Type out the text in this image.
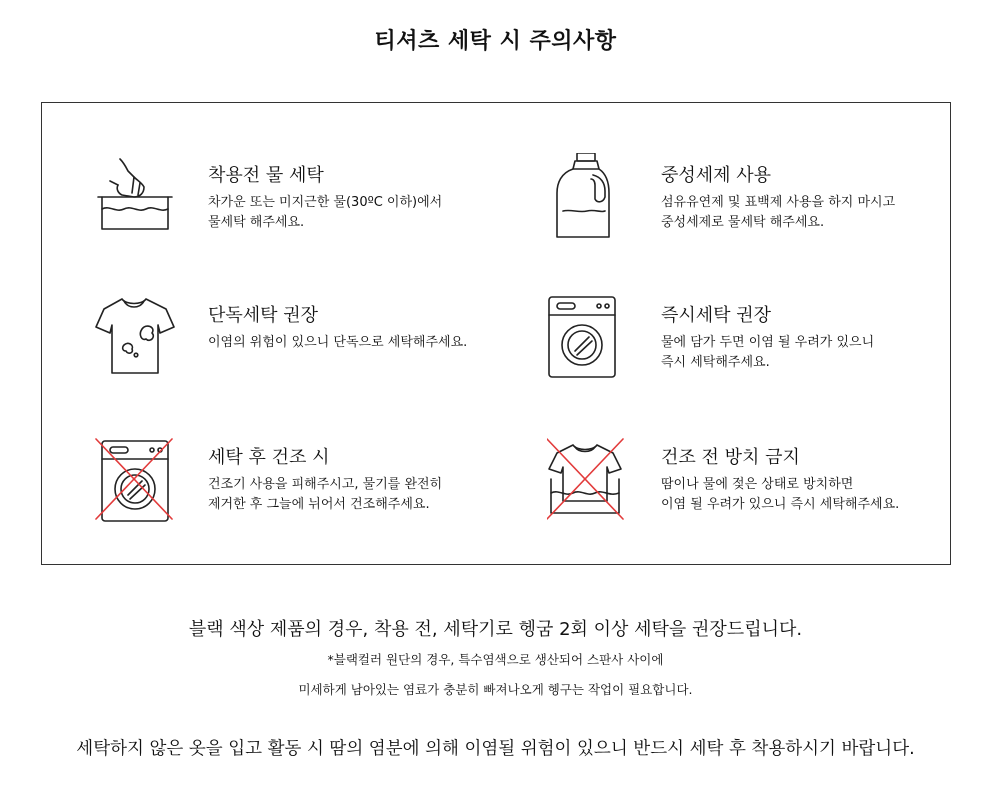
티셔츠 세탁 시 주의사항
착용전 물 세탁
차가운 또는 미지근한 물(30ºC 이하)에서
물세탁 해주세요.
중성세제 사용
섬유유연제 및 표백제 사용을 하지 마시고
중성세제로 물세탁 해주세요.
단독세탁 권장
이염의 위험이 있으니 단독으로 세탁해주세요.
즉시세탁 권장
물에 담가 두면 이염 될 우려가 있으니
즉시 세탁해주세요.
세탁 후 건조 시
건조기 사용을 피해주시고, 물기를 완전히
제거한 후 그늘에 뉘어서 건조해주세요.
건조 전 방치 금지
땀이나 물에 젖은 상태로 방치하면
이염 될 우려가 있으니 즉시 세탁해주세요.
블랙 색상 제품의 경우, 착용 전, 세탁기로 헹굼 2회 이상 세탁을 권장드립니다.
*블랙컬러 원단의 경우, 특수염색으로 생산되어 스판사 사이에
미세하게 남아있는 염료가 충분히 빠져나오게 헹구는 작업이 필요합니다.
세탁하지 않은 옷을 입고 활동 시 땀의 염분에 의해 이염될 위험이 있으니 반드시 세탁 후 착용하시기 바랍니다.
